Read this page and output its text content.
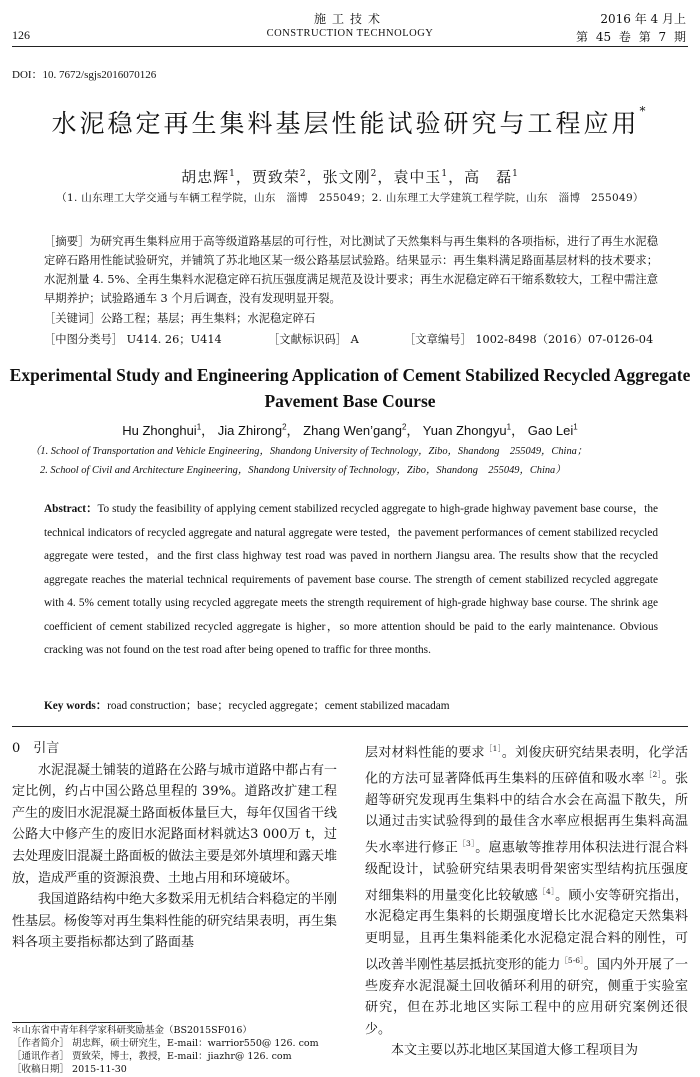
施工技术
CONSTRUCTION TECHNOLOGY
126
2016 年 4 月上
第 45 卷 第 7 期
DOI：10. 7672/sgjs2016070126
水泥稳定再生集料基层性能试验研究与工程应用*
胡忠辉$^1$，贾致荣$^2$，张文刚$^2$，袁中玉$^1$，高　磊$^1$
（1. 山东理工大学交通与车辆工程学院，山东　淄博　255049；2. 山东理工大学建筑工程学院，山东　淄博　255049）
［摘要］为研究再生集料应用于高等级道路基层的可行性，对比测试了天然集料与再生集料的各项指标，进行了再生水泥稳定碎石路用性能试验研究，并铺筑了苏北地区某一级公路基层试验路。结果显示：再生集料满足路面基层材料的技术要求；水泥剂量 4. 5%、全再生集料水泥稳定碎石抗压强度满足规范及设计要求；再生水泥稳定碎石干缩系数较大，工程中需注意早期养护；试验路通车 3 个月后调查，没有发现明显开裂。
［关键词］公路工程；基层；再生集料；水泥稳定碎石
［中图分类号］ U414. 26；U414	［文献标识码］ A	［文章编号］ 1002-8498（2016）07-0126-04
Experimental Study and Engineering Application of Cement Stabilized Recycled Aggregate Pavement Base Course
Hu Zhonghui$^1$， Jia Zhirong$^2$， Zhang Wen’gang$^2$， Yuan Zhongyu$^1$， Gao Lei$^1$
（1. School of Transportation and Vehicle Engineering，Shandong University of Technology，Zibo，Shandong　255049，China；
2. School of Civil and Architecture Engineering，Shandong University of Technology，Zibo，Shandong　255049，China）
Abstract：To study the feasibility of applying cement stabilized recycled aggregate to high-grade highway pavement base course，the technical indicators of recycled aggregate and natural aggregate were tested，the pavement performances of cement stabilized recycled aggregate were tested，and the first class highway test road was paved in northern Jiangsu area. The results show that the recycled aggregate reaches the material technical requirements of pavement base course. The strength of cement stabilized recycled aggregate with 4. 5% cement totally using recycled aggregate meets the strength requirement of high-grade highway base course. The shrink age coefficient of cement stabilized recycled aggregate is higher，so more attention should be paid to the early maintenance. Obvious cracking was not found on the test road after being opened to traffic for three months.
Key words：road construction；base；recycled aggregate；cement stabilized macadam
0　引言

水泥混凝土铺装的道路在公路与城市道路中都占有一定比例，约占中国公路总里程的 39%。道路改扩建工程产生的废旧水泥混凝土路面板体量巨大，每年仅国省干线公路大中修产生的废旧水泥路面材料就达3 000万 t，过去处理废旧混凝土路面板的做法主要是郊外填埋和露天堆放，造成严重的资源浪费、土地占用和环境破坏。

我国道路结构中绝大多数采用无机结合料稳定的半刚性基层。杨俊等对再生集料性能的研究结果表明，再生集料各项主要指标都达到了路面基

层对材料性能的要求$^{[1]}$。刘俊庆研究结果表明，化学活化的方法可显著降低再生集料的压碎值和吸水率$^{[2]}$。张超等研究发现再生集料中的结合水会在高温下散失，所以通过击实试验得到的最佳含水率应根据再生集料高温失水率进行修正$^{[3]}$。扈惠敏等推荐用体积法进行混合料级配设计，试验研究结果表明骨架密实型结构抗压强度对细集料的用量变化比较敏感$^{[4]}$。顾小安等研究指出，水泥稳定再生集料的长期强度增长比水泥稳定天然集料更明显，且再生集料能柔化水泥稳定混合料的刚性，可以改善半刚性基层抵抗变形的能力$^{[5-6]}$。国内外开展了一些废弃水泥混凝土回收循环利用的研究，侧重于实验室研究，但在苏北地区实际工程中的应用研究案例还很少。

本文主要以苏北地区某国道大修工程项目为

＊山东省中青年科学家科研奖励基金（BS2015SF016）
［作者简介］ 胡忠辉，硕士研究生，E-mail：warrior550@ 126. com
［通讯作者］ 贾致荣，博士，教授，E-mail：jiazhr@ 126. com
［收稿日期］ 2015-11-30
